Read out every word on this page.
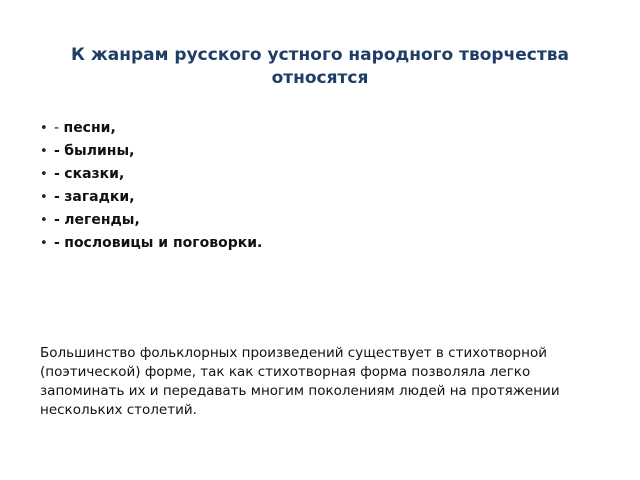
К жанрам русского устного народного творчества
относятся
• - песни,
• - былины,
• - сказки,
• - загадки,
• - легенды,
• - пословицы и поговорки.

Большинство фольклорных произведений существует в стихотворной (поэтической) форме, так как стихотворная форма позволяла легко запоминать их и передавать многим поколениям людей на протяжении нескольких столетий.
